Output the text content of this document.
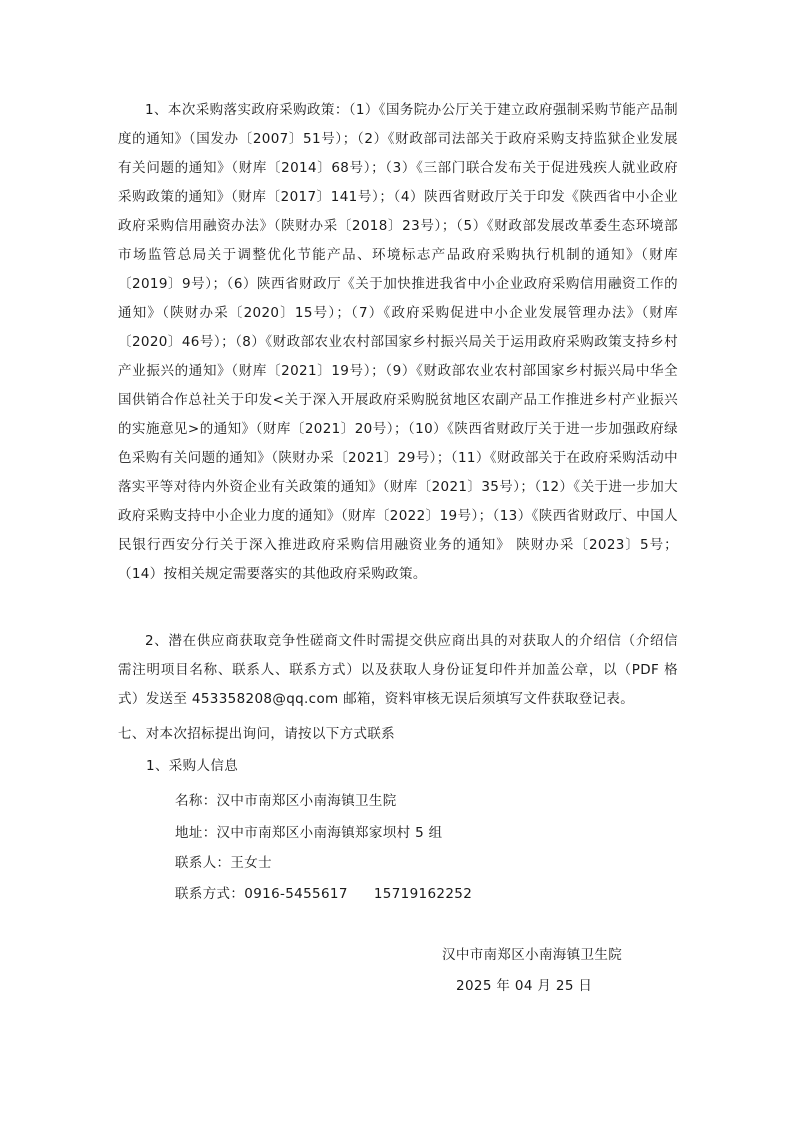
1、本次采购落实政府采购政策：（1）《国务院办公厅关于建立政府强制采购节能产品制度的通知》（国发办〔2007〕51号）；（2）《财政部司法部关于政府采购支持监狱企业发展有关问题的通知》（财库〔2014〕68号）；（3）《三部门联合发布关于促进残疾人就业政府采购政策的通知》（财库〔2017〕141号）；（4）陕西省财政厅关于印发《陕西省中小企业政府采购信用融资办法》（陕财办采〔2018〕23号）；（5）《财政部发展改革委生态环境部市场监管总局关于调整优化节能产品、环境标志产品政府采购执行机制的通知》（财库〔2019〕9号）；（6）陕西省财政厅《关于加快推进我省中小企业政府采购信用融资工作的通知》（陕财办采〔2020〕15号）；（7）《政府采购促进中小企业发展管理办法》（财库〔2020〕46号）；（8）《财政部农业农村部国家乡村振兴局关于运用政府采购政策支持乡村产业振兴的通知》（财库〔2021〕19号）；（9）《财政部农业农村部国家乡村振兴局中华全国供销合作总社关于印发<关于深入开展政府采购脱贫地区农副产品工作推进乡村产业振兴的实施意见>的通知》（财库〔2021〕20号）；（10）《陕西省财政厅关于进一步加强政府绿色采购有关问题的通知》（陕财办采〔2021〕29号）；（11）《财政部关于在政府采购活动中落实平等对待内外资企业有关政策的通知》（财库〔2021〕35号）；（12）《关于进一步加大政府采购支持中小企业力度的通知》（财库〔2022〕19号）；（13）《陕西省财政厅、中国人民银行西安分行关于深入推进政府采购信用融资业务的通知》 陕财办采〔2023〕5号；（14）按相关规定需要落实的其他政府采购政策。

2、潜在供应商获取竞争性磋商文件时需提交供应商出具的对获取人的介绍信（介绍信需注明项目名称、联系人、联系方式）以及获取人身份证复印件并加盖公章，以（PDF 格式）发送至 453358208@qq.com 邮箱，资料审核无误后须填写文件获取登记表。

七、对本次招标提出询问，请按以下方式联系

1、采购人信息

名称：汉中市南郑区小南海镇卫生院

地址：汉中市南郑区小南海镇郑家坝村 5 组

联系人：王女士

联系方式：0916-5455617 15719162252

汉中市南郑区小南海镇卫生院

2025 年 04 月 25 日
